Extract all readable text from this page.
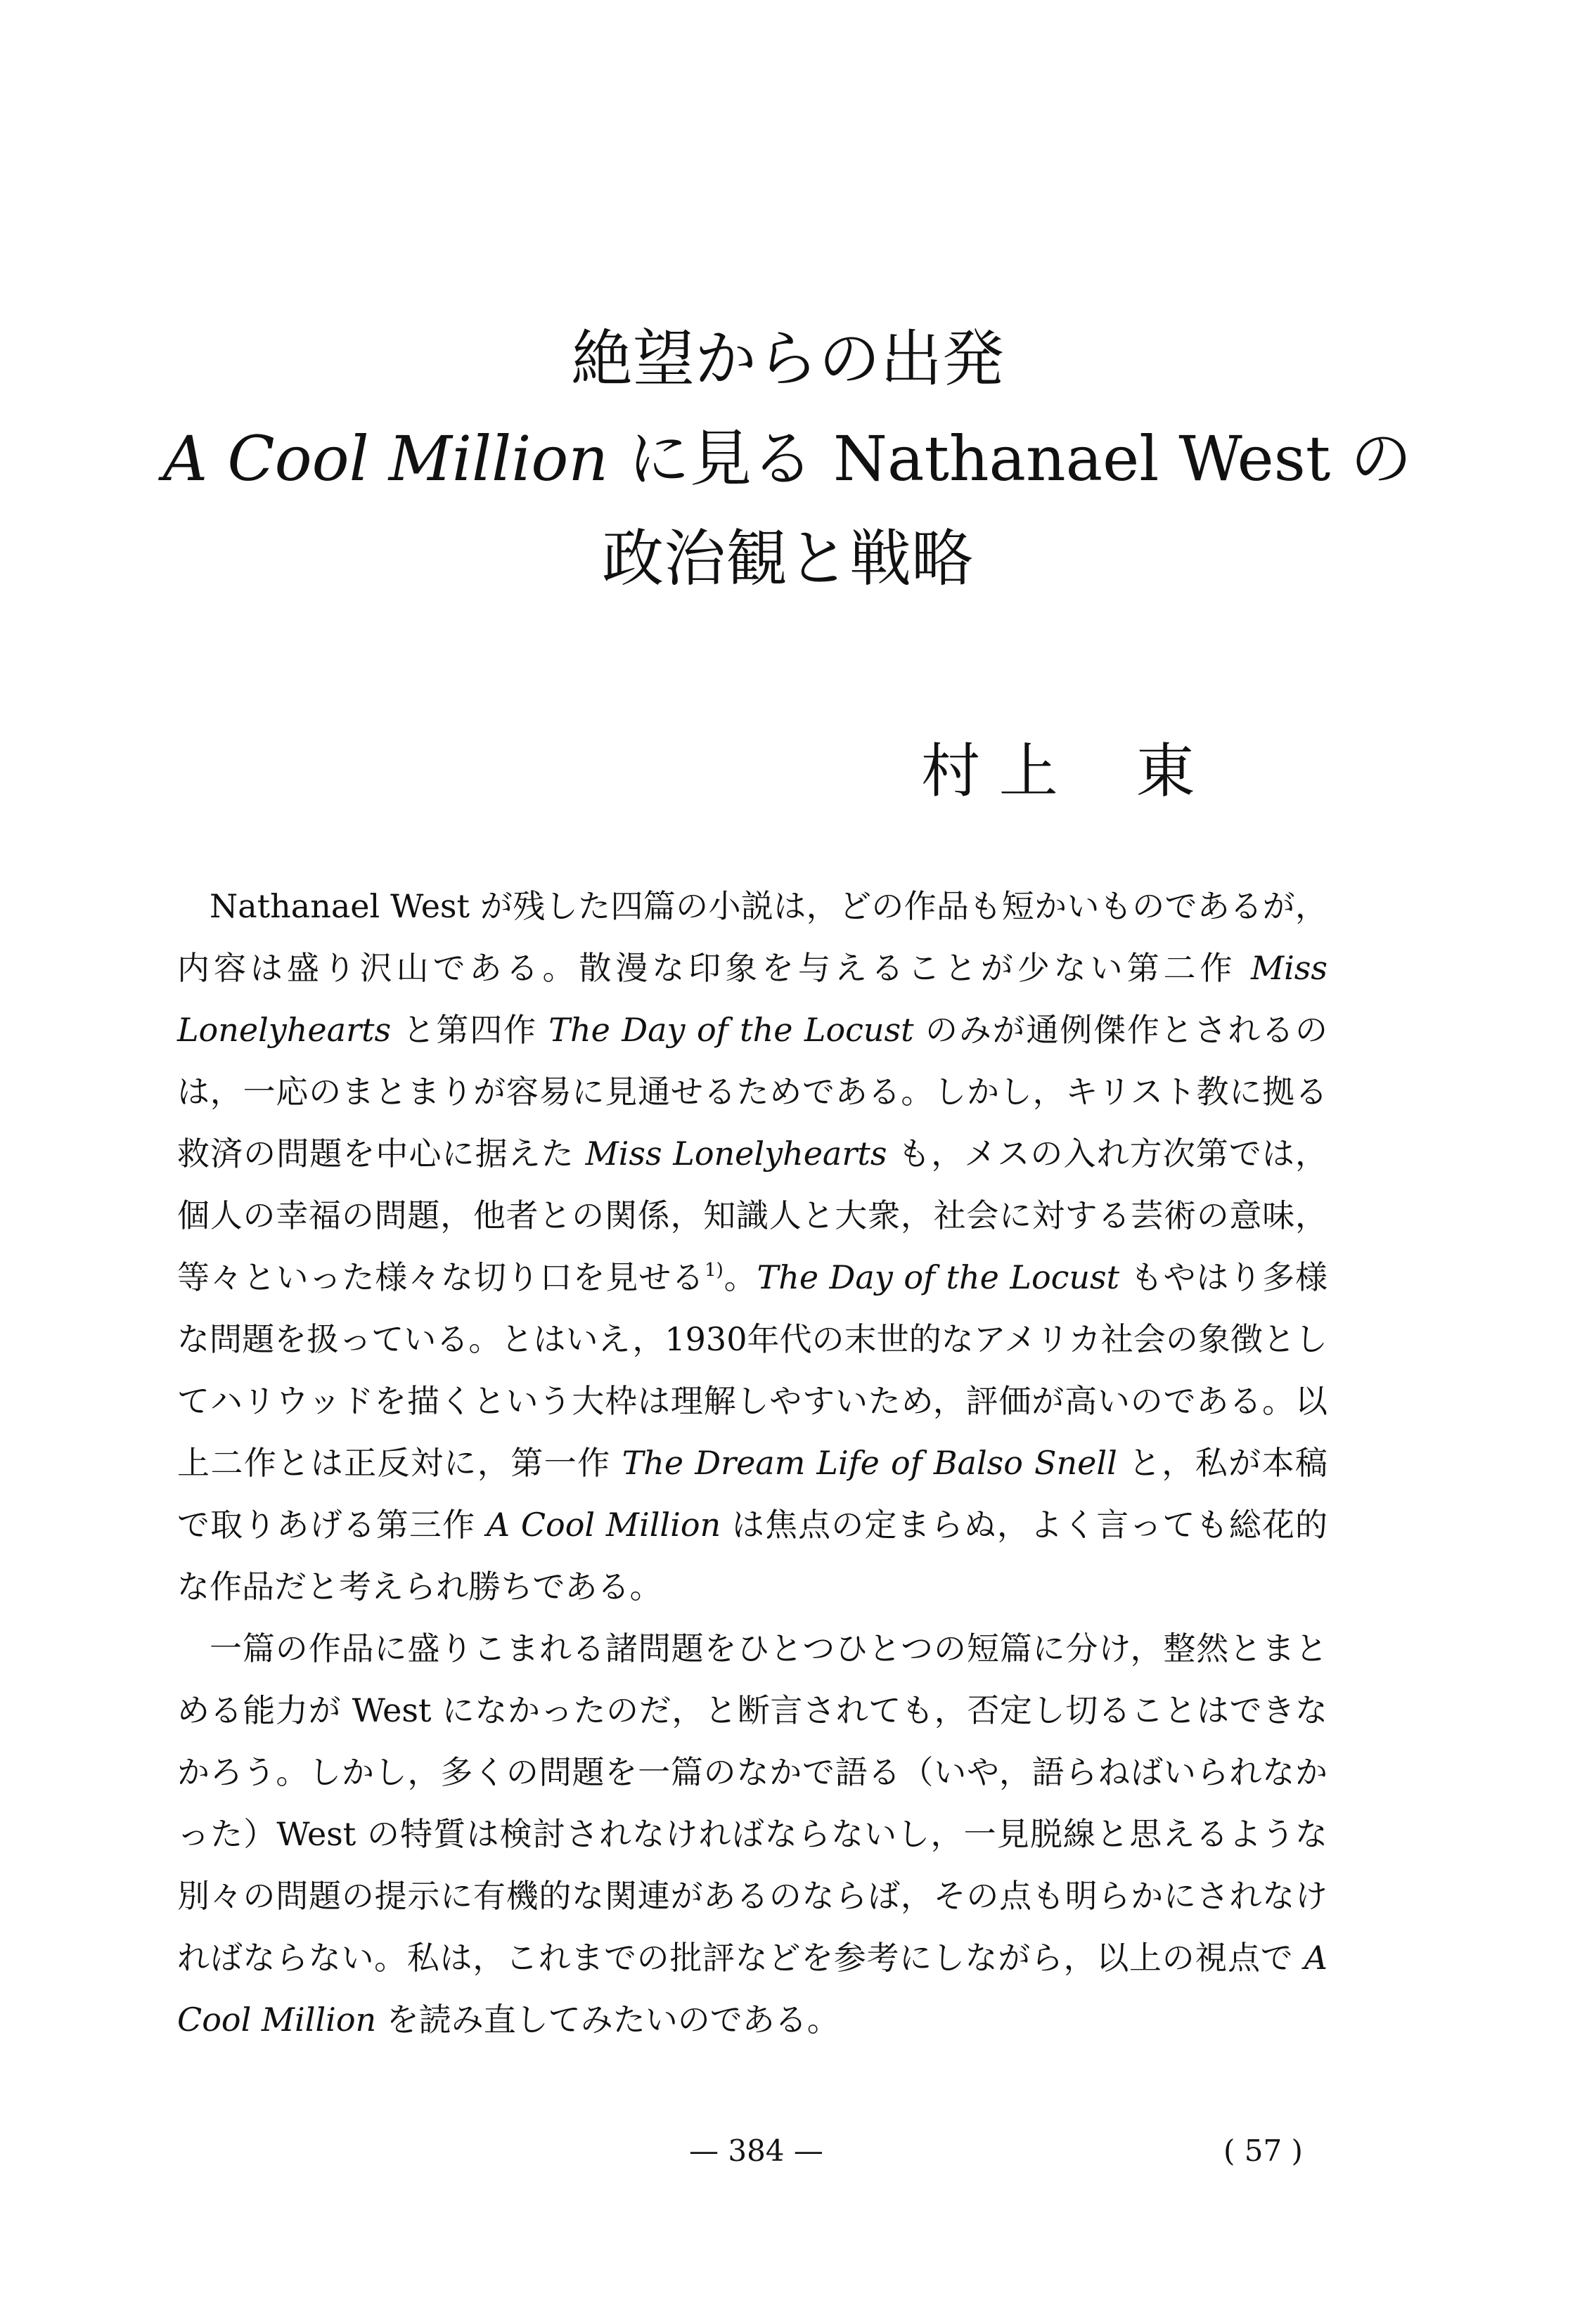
絶望からの出発
A Cool Million に見る Nathanael West の
政治観と戦略
村 上　 東

Nathanael West が残した四篇の小説は，どの作品も短かいものであるが，内容は盛り沢山である。散漫な印象を与えることが少ない第二作 Miss Lonelyhearts と第四作 The Day of the Locust のみが通例傑作とされるのは，一応のまとまりが容易に見通せるためである。しかし，キリスト教に拠る救済の問題を中心に据えた Miss Lonelyhearts も，メスの入れ方次第では，個人の幸福の問題，他者との関係，知識人と大衆，社会に対する芸術の意味，等々といった様々な切り口を見せる$^{1)}$。The Day of the Locust もやはり多様な問題を扱っている。とはいえ，1930年代の末世的なアメリカ社会の象徴としてハリウッドを描くという大枠は理解しやすいため，評価が高いのである。以上二作とは正反対に，第一作 The Dream Life of Balso Snell と，私が本稿で取りあげる第三作 A Cool Million は焦点の定まらぬ，よく言っても総花的な作品だと考えられ勝ちである。

一篇の作品に盛りこまれる諸問題をひとつひとつの短篇に分け，整然とまとめる能力が West になかったのだ，と断言されても，否定し切ることはできなかろう。しかし，多くの問題を一篇のなかで語る（いや，語らねばいられなかった）West の特質は検討されなければならないし，一見脱線と思えるような別々の問題の提示に有機的な関連があるのならば，その点も明らかにされなければならない。私は，これまでの批評などを参考にしながら，以上の視点で A Cool Million を読み直してみたいのである。

— 384 —	( 57 )
